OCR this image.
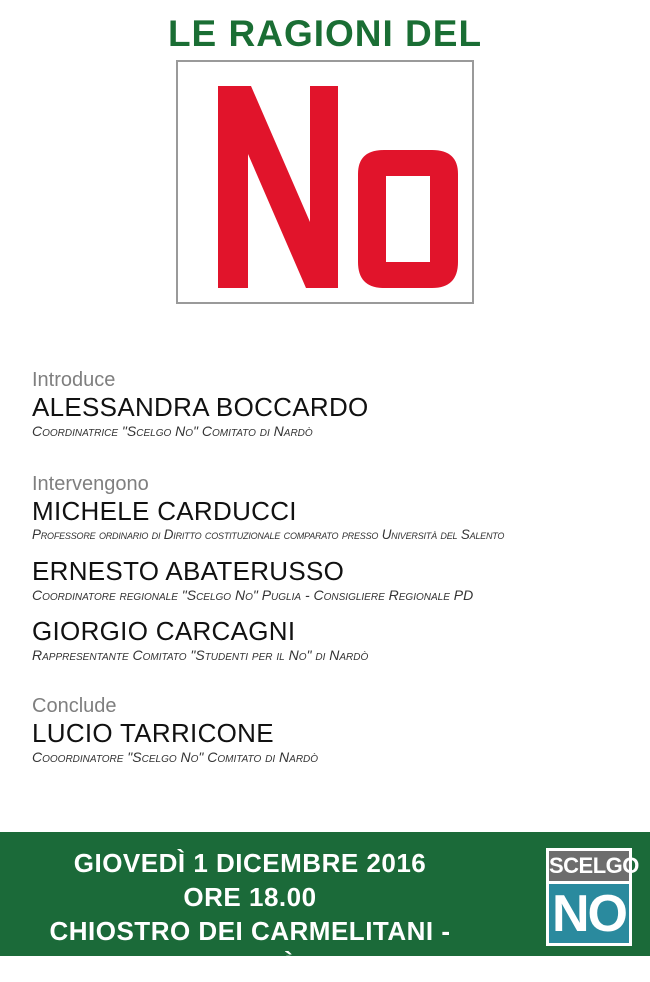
LE RAGIONI DEL

Introduce

ALESSANDRA BOCCARDO

Coordinatrice "Scelgo No" Comitato di Nardò

Intervengono

MICHELE CARDUCCI

Professore ordinario di Diritto costituzionale comparato presso Università del Salento

ERNESTO ABATERUSSO

Coordinatore regionale "Scelgo No" Puglia - Consigliere Regionale PD

GIORGIO CARCAGNI

Rappresentante Comitato "Studenti per il No" di Nardò

Conclude

LUCIO TARRICONE

Cooordinatore "Scelgo No" Comitato di Nardò

GIOVEDÌ 1 DICEMBRE 2016
ORE 18.00
CHIOSTRO DEI CARMELITANI - NARDÒ
SCELGO
NO
